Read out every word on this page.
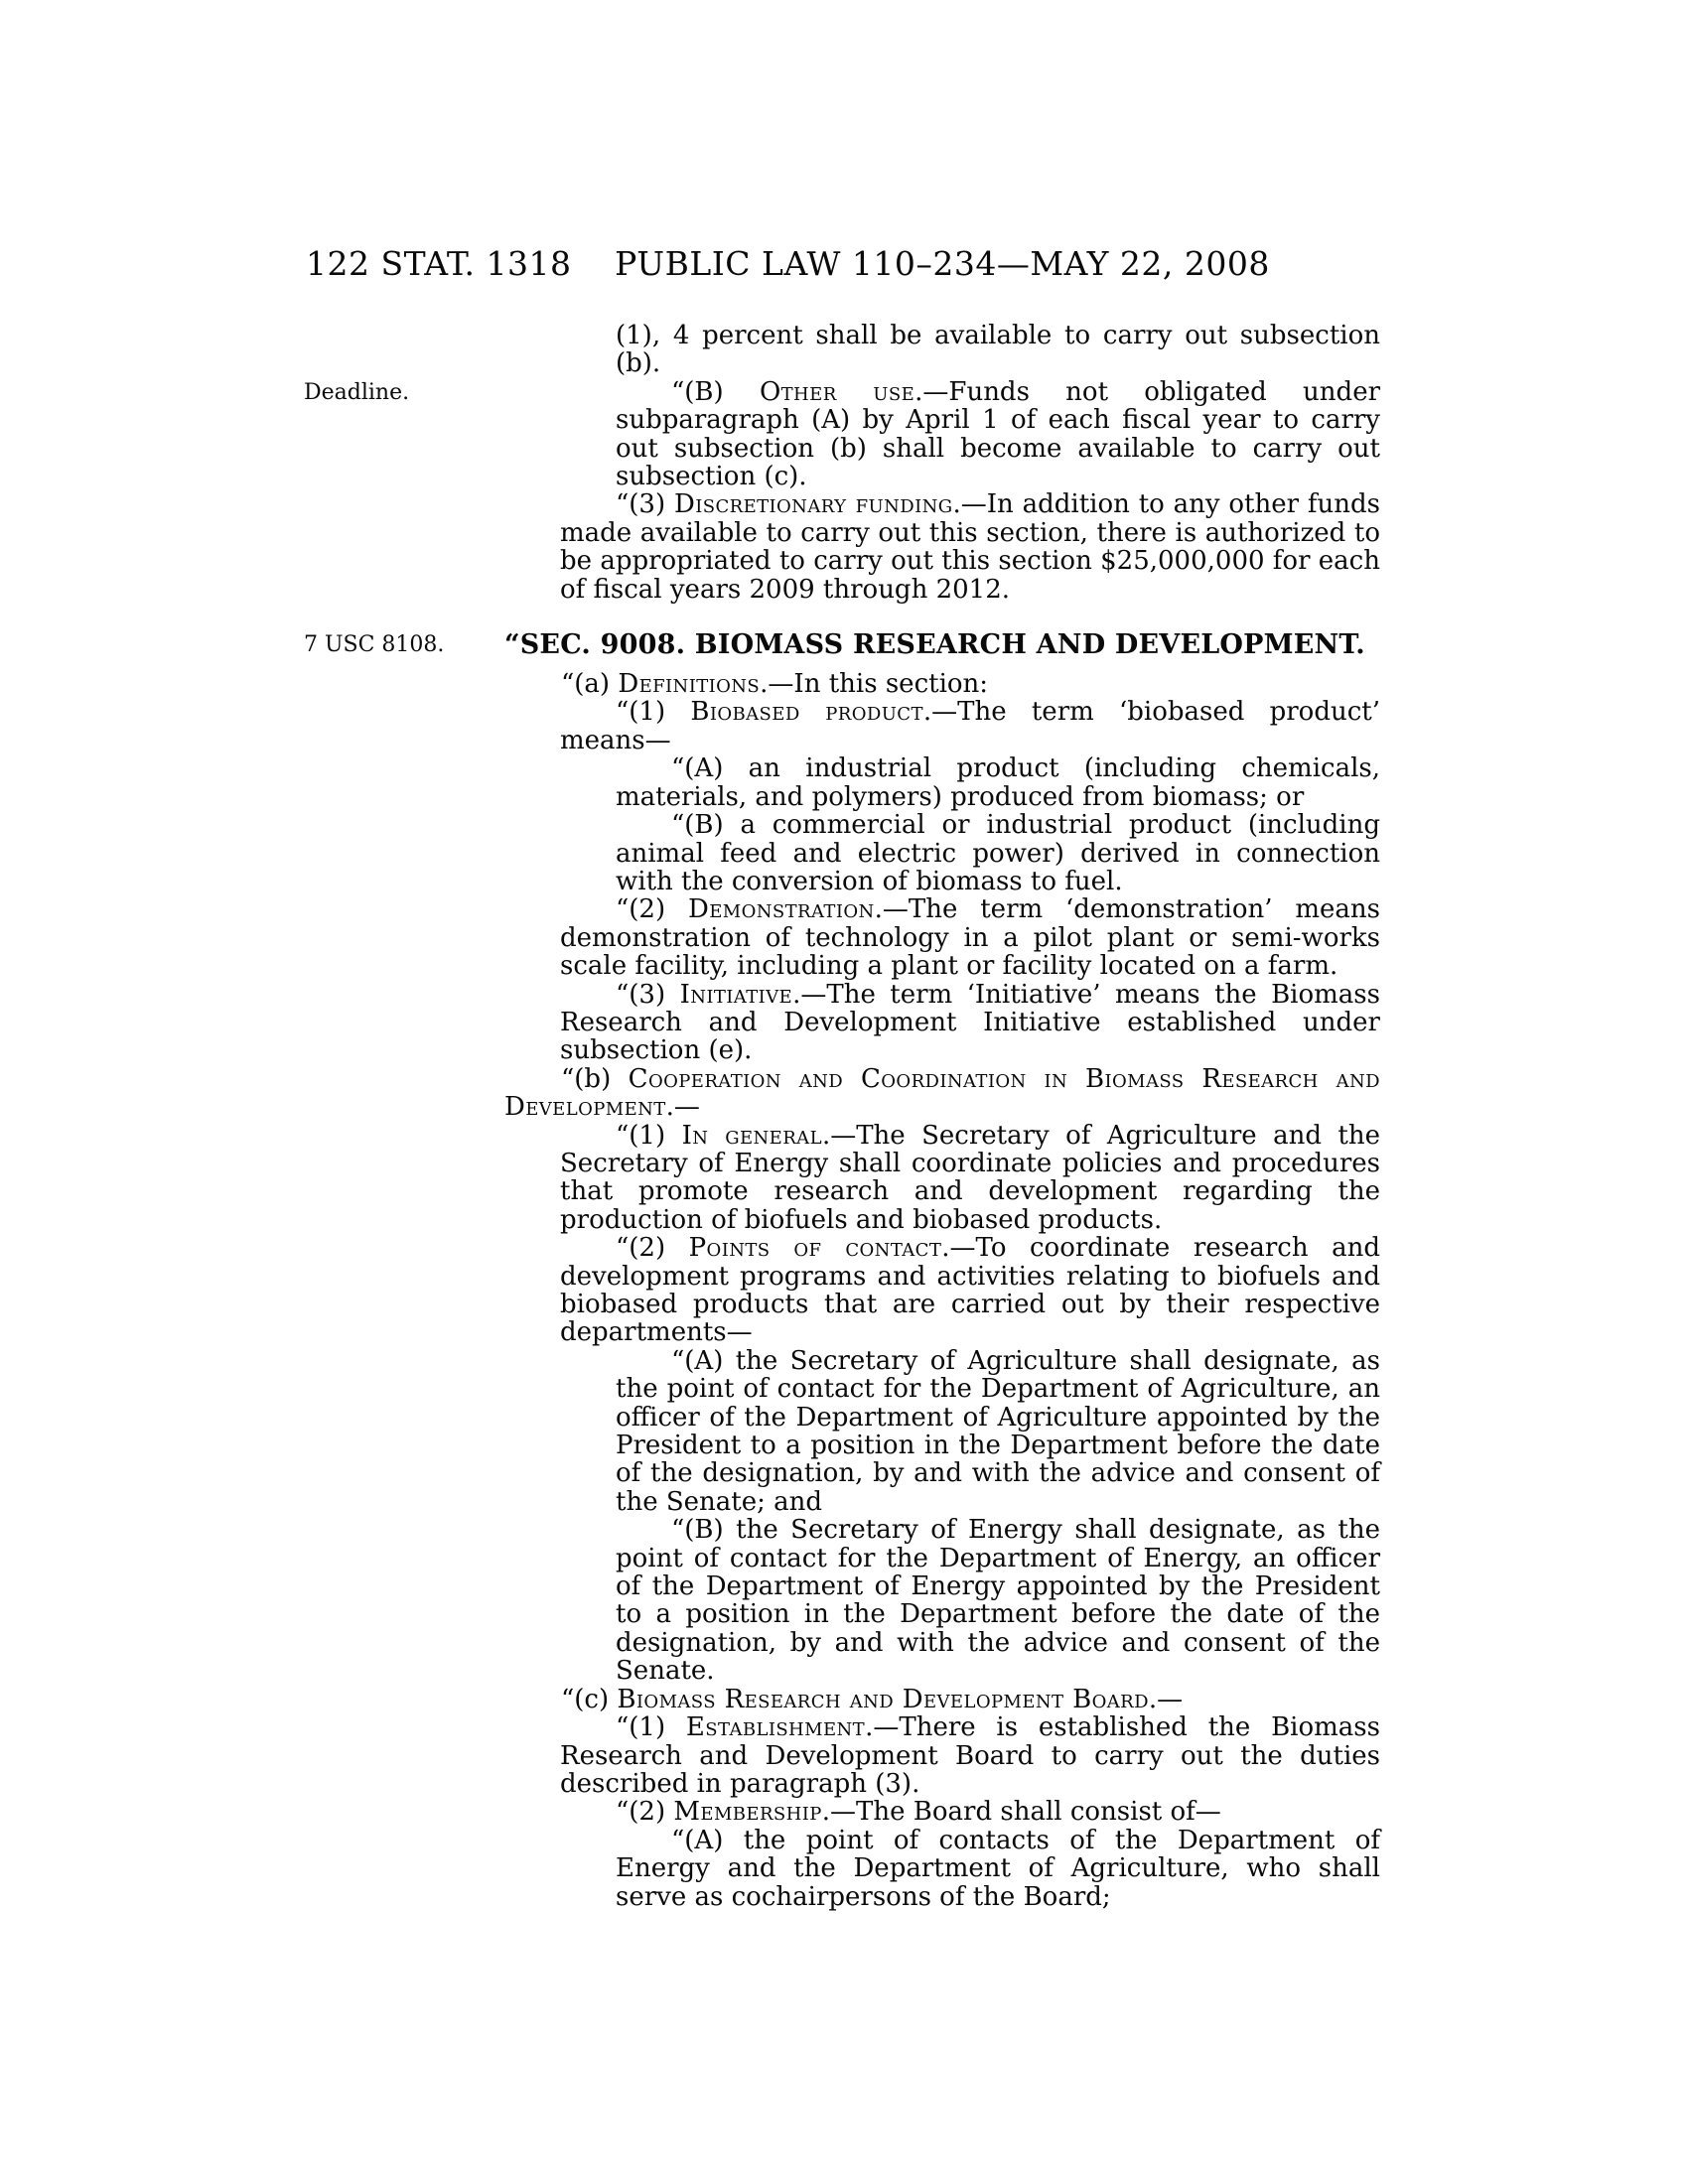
122 STAT. 1318	PUBLIC LAW 110–234—MAY 22, 2008
(1), 4 percent shall be available to carry out subsection (b).
“(B) Other use.—Funds not obligated under subparagraph (A) by April 1 of each fiscal year to carry out subsection (b) shall become available to carry out subsection (c).
Deadline.
“(3) Discretionary funding.—In addition to any other funds made available to carry out this section, there is authorized to be appropriated to carry out this section $25,000,000 for each of fiscal years 2009 through 2012.
“SEC. 9008. BIOMASS RESEARCH AND DEVELOPMENT.
7 USC 8108.
“(a) Definitions.—In this section:
“(1) Biobased product.—The term ‘biobased product’ means—
“(A) an industrial product (including chemicals, materials, and polymers) produced from biomass; or
“(B) a commercial or industrial product (including animal feed and electric power) derived in connection with the conversion of biomass to fuel.
“(2) Demonstration.—The term ‘demonstration’ means demonstration of technology in a pilot plant or semi-works scale facility, including a plant or facility located on a farm.
“(3) Initiative.—The term ‘Initiative’ means the Biomass Research and Development Initiative established under subsection (e).
“(b) Cooperation and Coordination in Biomass Research and Development.—
“(1) In general.—The Secretary of Agriculture and the Secretary of Energy shall coordinate policies and procedures that promote research and development regarding the production of biofuels and biobased products.
“(2) Points of contact.—To coordinate research and development programs and activities relating to biofuels and biobased products that are carried out by their respective departments—
“(A) the Secretary of Agriculture shall designate, as the point of contact for the Department of Agriculture, an officer of the Department of Agriculture appointed by the President to a position in the Department before the date of the designation, by and with the advice and consent of the Senate; and
“(B) the Secretary of Energy shall designate, as the point of contact for the Department of Energy, an officer of the Department of Energy appointed by the President to a position in the Department before the date of the designation, by and with the advice and consent of the Senate.
“(c) Biomass Research and Development Board.—
“(1) Establishment.—There is established the Biomass Research and Development Board to carry out the duties described in paragraph (3).
“(2) Membership.—The Board shall consist of—
“(A) the point of contacts of the Department of Energy and the Department of Agriculture, who shall serve as cochairpersons of the Board;
